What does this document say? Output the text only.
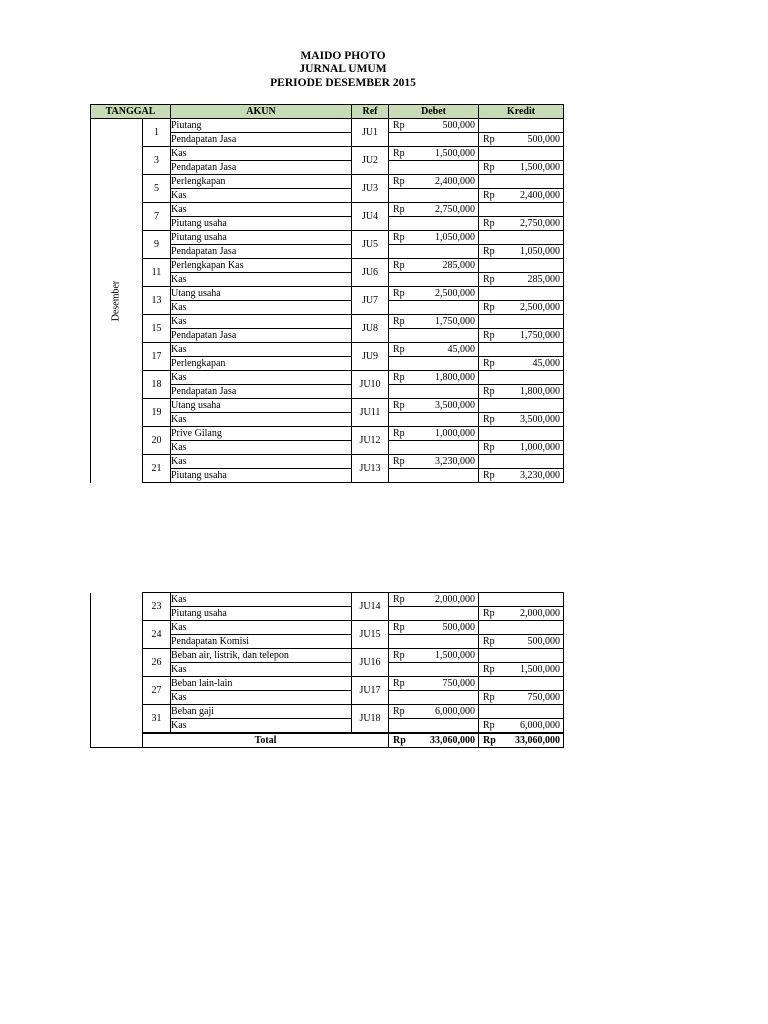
MAIDO PHOTO
JURNAL UMUM
PERIODE DESEMBER 2015
TANGGAL		AKUN	Ref	Debet	Kredit
Desember	1	Piutang	JU1	Rp 500,000	

		Pendapatan Jasa			Rp 500,000

	3	Kas	JU2	Rp 1,500,000	

		Pendapatan Jasa			Rp 1,500,000

	5	Perlengkapan	JU3	Rp 2,400,000	

		Kas			Rp 2,400,000

	7	Kas	JU4	Rp 2,750,000	

		Piutang usaha			Rp 2,750,000

	9	Piutang usaha	JU5	Rp 1,050,000	

		Pendapatan Jasa			Rp 1,050,000

	11	Perlengkapan Kas	JU6	Rp 285,000	

		Kas			Rp 285,000

	13	Utang usaha	JU7	Rp 2,500,000	

		Kas			Rp 2,500,000

	15	Kas	JU8	Rp 1,750,000	

		Pendapatan Jasa			Rp 1,750,000

	17	Kas	JU9	Rp 45,000	

		Perlengkapan			Rp 45,000

	18	Kas	JU10	Rp 1,800,000	

		Pendapatan Jasa			Rp 1,800,000

	19	Utang usaha	JU11	Rp 3,500,000	

		Kas			Rp 3,500,000

	20	Prive Gilang	JU12	Rp 1,000,000	

		Kas			Rp 1,000,000

	21	Kas	JU13	Rp 3,230,000	

		Piutang usaha			Rp 3,230,000
	23	Kas	JU14	Rp 2,000,000	

		Piutang usaha			Rp 2,000,000

	24	Kas	JU15	Rp 500,000	

		Pendapatan Komisi			Rp 500,000

	26	Beban air, listrik, dan telepon	JU16	Rp 1,500,000	

		Kas			Rp 1,500,000

	27	Beban lain-lain	JU17	Rp 750,000	

		Kas			Rp 750,000

	31	Beban gaji	JU18	Rp 6,000,000	

		Kas			Rp 6,000,000

	Total			Rp 33,060,000	Rp 33,060,000
